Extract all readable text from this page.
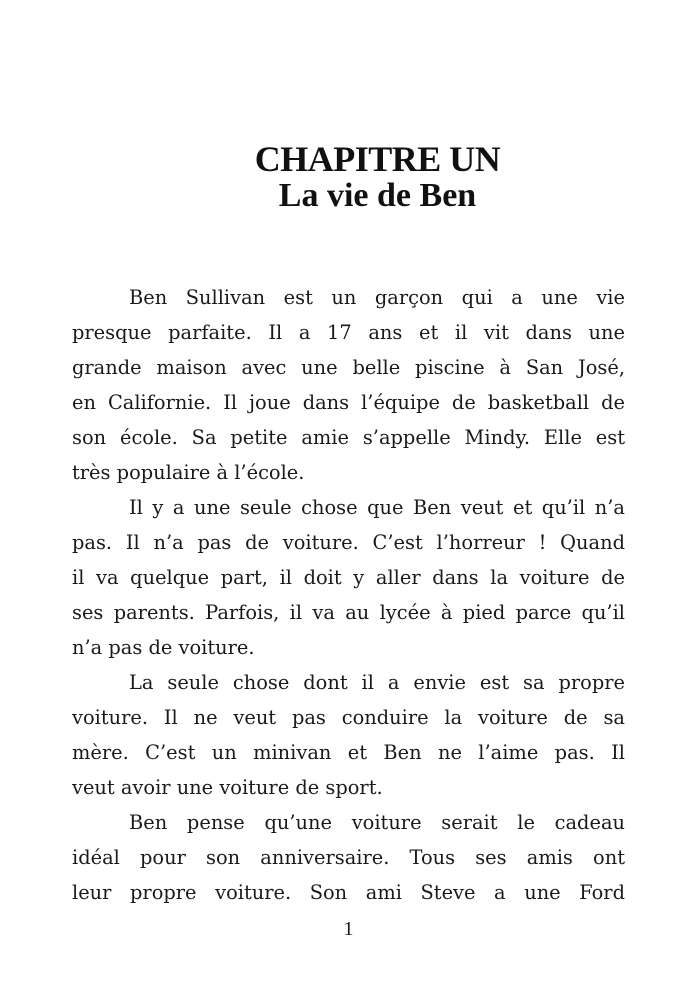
CHAPITRE UN
La vie de Ben

Ben Sullivan est un garçon qui a une vie
presque parfaite. Il a 17 ans et il vit dans une
grande maison avec une belle piscine à San José,
en Californie. Il joue dans l’équipe de basketball de
son école. Sa petite amie s’appelle Mindy. Elle est
très populaire à l’école.

Il y a une seule chose que Ben veut et qu’il n’a
pas. Il n’a pas de voiture. C’est l’horreur ! Quand
il va quelque part, il doit y aller dans la voiture de
ses parents. Parfois, il va au lycée à pied parce qu’il
n’a pas de voiture.

La seule chose dont il a envie est sa propre
voiture. Il ne veut pas conduire la voiture de sa
mère. C’est un minivan et Ben ne l’aime pas. Il
veut avoir une voiture de sport.

Ben pense qu’une voiture serait le cadeau
idéal pour son anniversaire. Tous ses amis ont
leur propre voiture. Son ami Steve a une Ford

1
